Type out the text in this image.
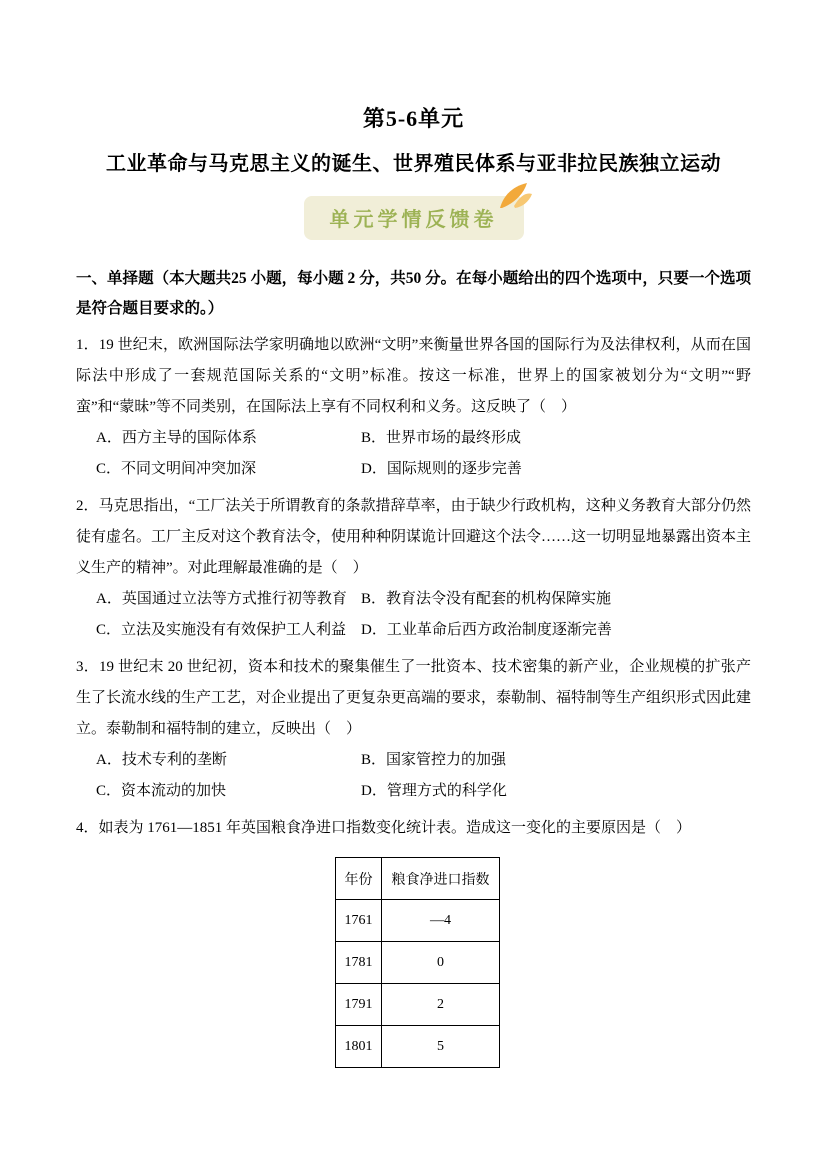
第5-6单元
工业革命与马克思主义的诞生、世界殖民体系与亚非拉民族独立运动
单元学情反馈卷
一、单择题（本大题共25 小题，每小题 2 分，共50 分。在每小题给出的四个选项中，只要一个选项是符合题目要求的。）
1．19 世纪末，欧洲国际法学家明确地以欧洲“文明”来衡量世界各国的国际行为及法律权利，从而在国际法中形成了一套规范国际关系的“文明”标准。按这一标准，世界上的国家被划分为“文明”“野蛮”和“蒙昧”等不同类别，在国际法上享有不同权利和义务。这反映了（　）
A．西方主导的国际体系	B．世界市场的最终形成
C．不同文明间冲突加深	D．国际规则的逐步完善
2．马克思指出，“工厂法关于所谓教育的条款措辞草率，由于缺少行政机构，这种义务教育大部分仍然徒有虚名。工厂主反对这个教育法令，使用种种阴谋诡计回避这个法令……这一切明显地暴露出资本主义生产的精神”。对此理解最准确的是（　）
A．英国通过立法等方式推行初等教育 B．教育法令没有配套的机构保障实施
C．立法及实施没有有效保护工人利益 D．工业革命后西方政治制度逐渐完善
3．19 世纪末 20 世纪初，资本和技术的聚集催生了一批资本、技术密集的新产业，企业规模的扩张产生了长流水线的生产工艺，对企业提出了更复杂更高端的要求，泰勒制、福特制等生产组织形式因此建立。泰勒制和福特制的建立，反映出（　）
A．技术专利的垄断	B．国家管控力的加强
C．资本流动的加快	D．管理方式的科学化
4．如表为 1761—1851 年英国粮食净进口指数变化统计表。造成这一变化的主要原因是（　）
年份	粮食净进口指数
1761	—4
1781	0
1791	2
1801	5
